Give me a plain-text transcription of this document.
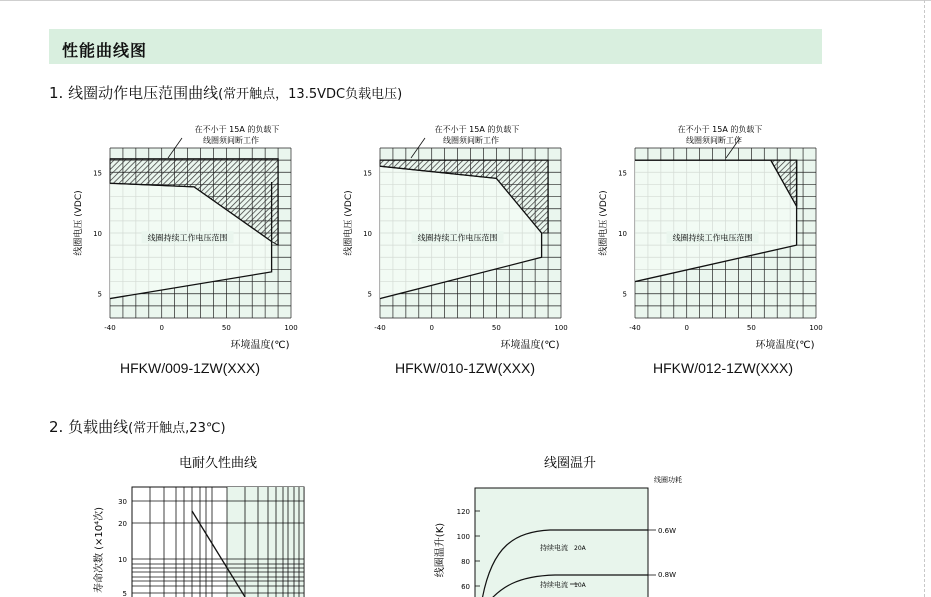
性能曲线图
1. 线圈动作电压范围曲线(常开触点，13.5VDC负载电压)
2. 负载曲线(常开触点,23℃)
线圈持续工作电压范围
在不小于 15A 的负载下
线圈须间断工作
-40	0	50	100
5
10
15
环境温度(℃)
线圈电压 (VDC)	线圈持续工作电压范围
在不小于 15A 的负载下
线圈须间断工作
-40	0	50	100
5
10
15
环境温度(℃)
线圈电压 (VDC)	线圈持续工作电压范围
在不小于 15A 的负载下
线圈须间断工作
-40	0	50	100
5
10
15
环境温度(℃)
线圈电压 (VDC)
HFKW/009-1ZW(XXX)	HFKW/010-1ZW(XXX)	HFKW/012-1ZW(XXX)
电耐久性曲线
5
10
20
30
寿命次数 (×10⁴次)
线圈温升
60
80
100
120
线圈温升(K)
线圈功耗
0.6W
0.8W
持续电流 20A
持续电流 10A
